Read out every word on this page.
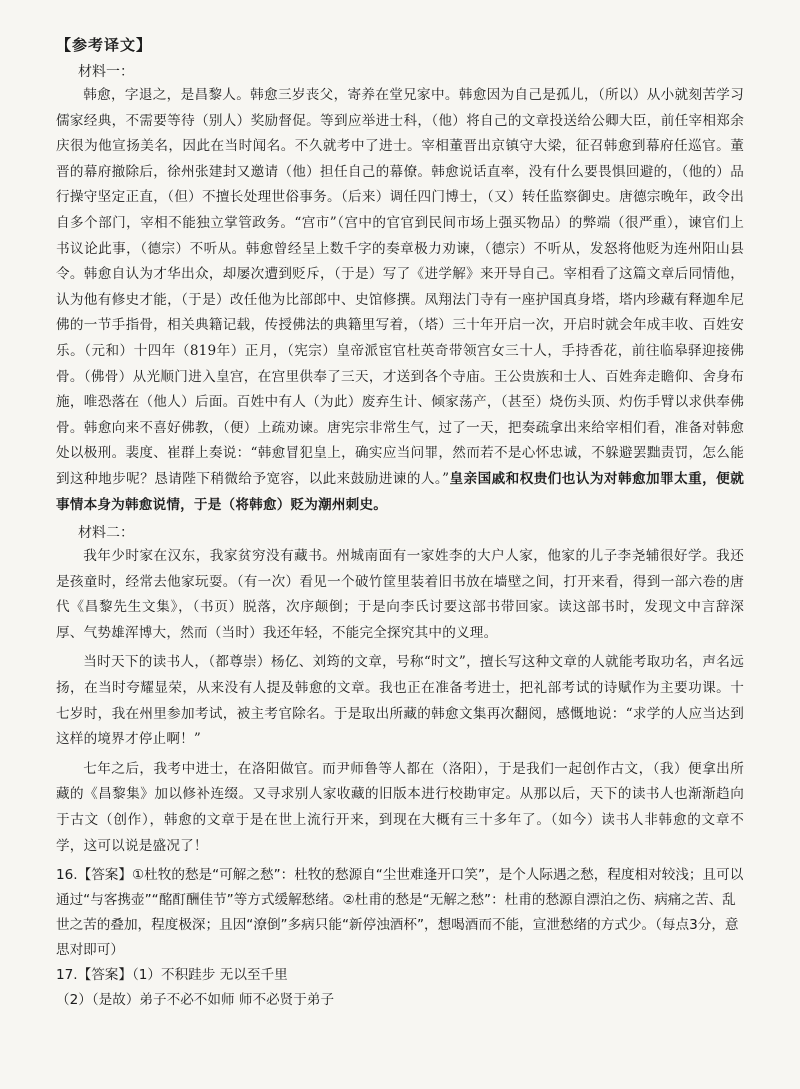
【参考译文】
材料一：

韩愈，字退之，是昌黎人。韩愈三岁丧父，寄养在堂兄家中。韩愈因为自己是孤儿，（所以）从小就刻苦学习儒家经典，不需要等待（别人）奖励督促。等到应举进士科，（他）将自己的文章投送给公卿大臣，前任宰相郑余庆很为他宣扬美名，因此在当时闻名。不久就考中了进士。宰相董晋出京镇守大梁，征召韩愈到幕府任巡官。董晋的幕府撤除后，徐州张建封又邀请（他）担任自己的幕僚。韩愈说话直率，没有什么要畏惧回避的，（他的）品行操守坚定正直，（但）不擅长处理世俗事务。（后来）调任四门博士，（又）转任监察御史。唐德宗晚年，政令出自多个部门，宰相不能独立掌管政务。“宫市”（宫中的官官到民间市场上强买物品）的弊端（很严重），谏官们上书议论此事，（德宗）不听从。韩愈曾经呈上数千字的奏章极力劝谏，（德宗）不听从，发怒将他贬为连州阳山县令。韩愈自认为才华出众，却屡次遭到贬斥，（于是）写了《进学解》来开导自己。宰相看了这篇文章后同情他，认为他有修史才能，（于是）改任他为比部郎中、史馆修撰。凤翔法门寺有一座护国真身塔，塔内珍藏有释迦牟尼佛的一节手指骨，相关典籍记载，传授佛法的典籍里写着，（塔）三十年开启一次，开启时就会年成丰收、百姓安乐。（元和）十四年（819年）正月，（宪宗）皇帝派宦官杜英奇带领宫女三十人，手持香花，前往临皋驿迎接佛骨。（佛骨）从光顺门进入皇宫，在宫里供奉了三天，才送到各个寺庙。王公贵族和士人、百姓奔走瞻仰、舍身布施，唯恐落在（他人）后面。百姓中有人（为此）废弃生计、倾家荡产，（甚至）烧伤头顶、灼伤手臂以求供奉佛骨。韩愈向来不喜好佛教，（便）上疏劝谏。唐宪宗非常生气，过了一天，把奏疏拿出来给宰相们看，准备对韩愈处以极刑。裴度、崔群上奏说：“韩愈冒犯皇上，确实应当问罪，然而若不是心怀忠诚，不躲避罢黜责罚，怎么能到这种地步呢？恳请陛下稍微给予宽容，以此来鼓励进谏的人。”皇亲国戚和权贵们也认为对韩愈加罪太重，便就事情本身为韩愈说情，于是（将韩愈）贬为潮州刺史。

材料二：

我年少时家在汉东，我家贫穷没有藏书。州城南面有一家姓李的大户人家，他家的儿子李尧辅很好学。我还是孩童时，经常去他家玩耍。（有一次）看见一个破竹筐里装着旧书放在墙壁之间，打开来看，得到一部六卷的唐代《昌黎先生文集》，（书页）脱落，次序颠倒；于是向李氏讨要这部书带回家。读这部书时，发现文中言辞深厚、气势雄浑博大，然而（当时）我还年轻，不能完全探究其中的义理。

当时天下的读书人，（都尊崇）杨亿、刘筠的文章，号称“时文”，擅长写这种文章的人就能考取功名，声名远扬，在当时夸耀显荣，从来没有人提及韩愈的文章。我也正在准备考进士，把礼部考试的诗赋作为主要功课。十七岁时，我在州里参加考试，被主考官除名。于是取出所藏的韩愈文集再次翻阅，感慨地说：“求学的人应当达到这样的境界才停止啊！”

七年之后，我考中进士，在洛阳做官。而尹师鲁等人都在（洛阳），于是我们一起创作古文，（我）便拿出所藏的《昌黎集》加以修补连缀。又寻求别人家收藏的旧版本进行校勘审定。从那以后，天下的读书人也渐渐趋向于古文（创作），韩愈的文章于是在世上流行开来，到现在大概有三十多年了。（如今）读书人非韩愈的文章不学，这可以说是盛况了！

16.【答案】①杜牧的愁是“可解之愁”：杜牧的愁源自“尘世难逢开口笑”，是个人际遇之愁，程度相对较浅；且可以通过“与客携壶”“酩酊酬佳节”等方式缓解愁绪。②杜甫的愁是“无解之愁”：杜甫的愁源自漂泊之伤、病痛之苦、乱世之苦的叠加，程度极深；且因“潦倒”多病只能“新停浊酒杯”，想喝酒而不能，宣泄愁绪的方式少。（每点3分，意思对即可）

17.【答案】（1）不积跬步 无以至千里

（2）（是故）弟子不必不如师 师不必贤于弟子
